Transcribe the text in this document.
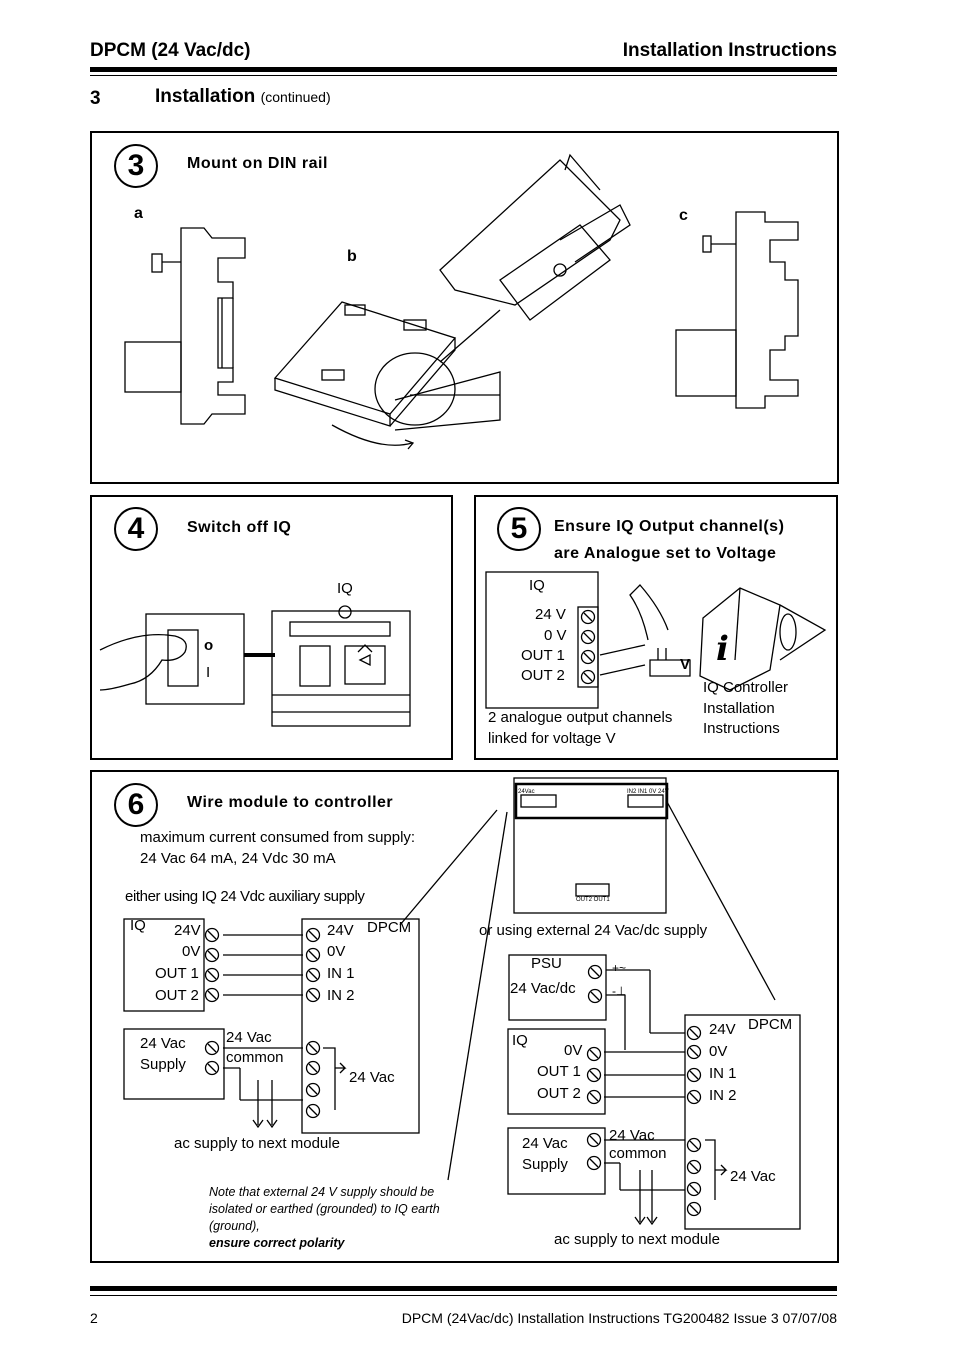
DPCM (24 Vac/dc)	Installation Instructions
3	Installation (continued)
3	Mount on DIN rail
a
b
c
i
4	Switch off IQ
IQ
o
I
5	Ensure IQ Output channel(s)
are Analogue set to Voltage
IQ
24 V
0 V
OUT 1
OUT 2
V
2 analogue output channels
linked for voltage V
IQ Controller
Installation
Instructions
6	Wire module to controller
maximum current consumed from supply:
24 Vac 64 mA, 24 Vdc 30 mA
either using IQ 24 Vdc auxiliary supply
or using external 24 Vac/dc supply
24Vac	IN2 IN1 0V 24V
OUT2 OUT1
IQ 24V
0V
OUT 1
OUT 2
24V
0V
IN 1
IN 2
DPCM
24 Vac
Supply
24 Vac
common
24 Vac
ac supply to next module
PSU
24 Vac/dc
+~
-⊥
IQ
0V
OUT 1
OUT 2
24V
0V
IN 1
IN 2
DPCM
24 Vac
Supply
24 Vac
common
24 Vac
ac supply to next module
Note that external 24 V supply should be
isolated or earthed (grounded) to IQ earth
(ground),
ensure correct polarity
2	DPCM (24Vac/dc) Installation Instructions TG200482 Issue 3 07/07/08
